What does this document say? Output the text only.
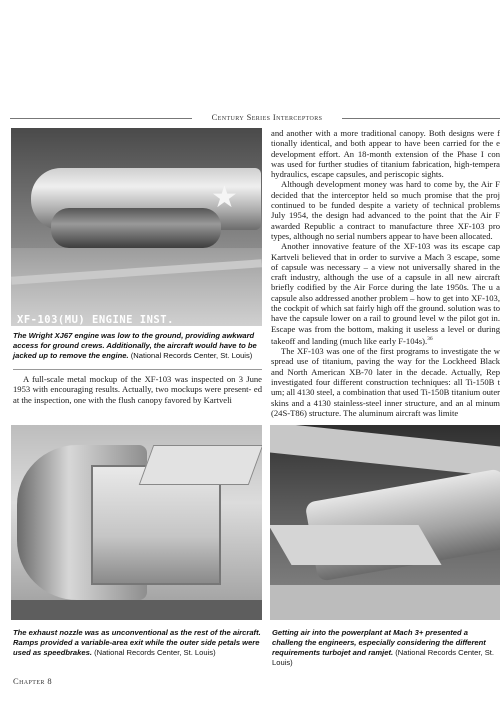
Century Series Interceptors
★
XF-103(MU) ENGINE INST.
The Wright XJ67 engine was low to the ground, providing awkward access for ground crews. Additionally, the aircraft would have to be jacked up to remove the engine. (National Records Center, St. Louis)

A full-scale metal mockup of the XF-103 was inspected on 3 June 1953 with encouraging results. Actually, two mockups were present- ed at the inspection, one with the flush canopy favored by Kartveli

and another with a more traditional canopy. Both designs were f tionally identical, and both appear to have been carried for the e development effort. An 18-month extension of the Phase I con was used for further studies of titanium fabrication, high-tempera hydraulics, escape capsules, and periscopic sights.

Although development money was hard to come by, the Air F decided that the interceptor held so much promise that the proj continued to be funded despite a variety of technical problems July 1954, the design had advanced to the point that the Air F awarded Republic a contract to manufacture three XF-103 pro types, although no serial numbers appear to have been allocated.

Another innovative feature of the XF-103 was its escape cap Kartveli believed that in order to survive a Mach 3 escape, some of capsule was necessary – a view not universally shared in the craft industry, although the use of a capsule in all new aircraft briefly codified by the Air Force during the late 1950s. The u a capsule also addressed another problem – how to get into XF-103, the cockpit of which sat fairly high off the ground. solution was to have the capsule lower on a rail to ground level w the pilot got in. Escape was from the bottom, making it useless a level or during takeoff and landing (much like early F-104s).$^{36}$

The XF-103 was one of the first programs to investigate the w spread use of titanium, paving the way for the Lockheed Black and North American XB-70 later in the decade. Actually, Rep investigated four different construction techniques: all Ti-150B t um; all 4130 steel, a combination that used Ti-150B titanium outer skins and a 4130 stainless-steel inner structure, and an al minum (24S-T86) structure. The aluminum aircraft was limite

The exhaust nozzle was as unconventional as the rest of the aircraft. Ramps provided a variable-area exit while the outer side petals were used as speedbrakes. (National Records Center, St. Louis)
Getting air into the powerplant at Mach 3+ presented a challeng the engineers, especially considering the different requirements turbojet and ramjet. (National Records Center, St. Louis)
Chapter 8
